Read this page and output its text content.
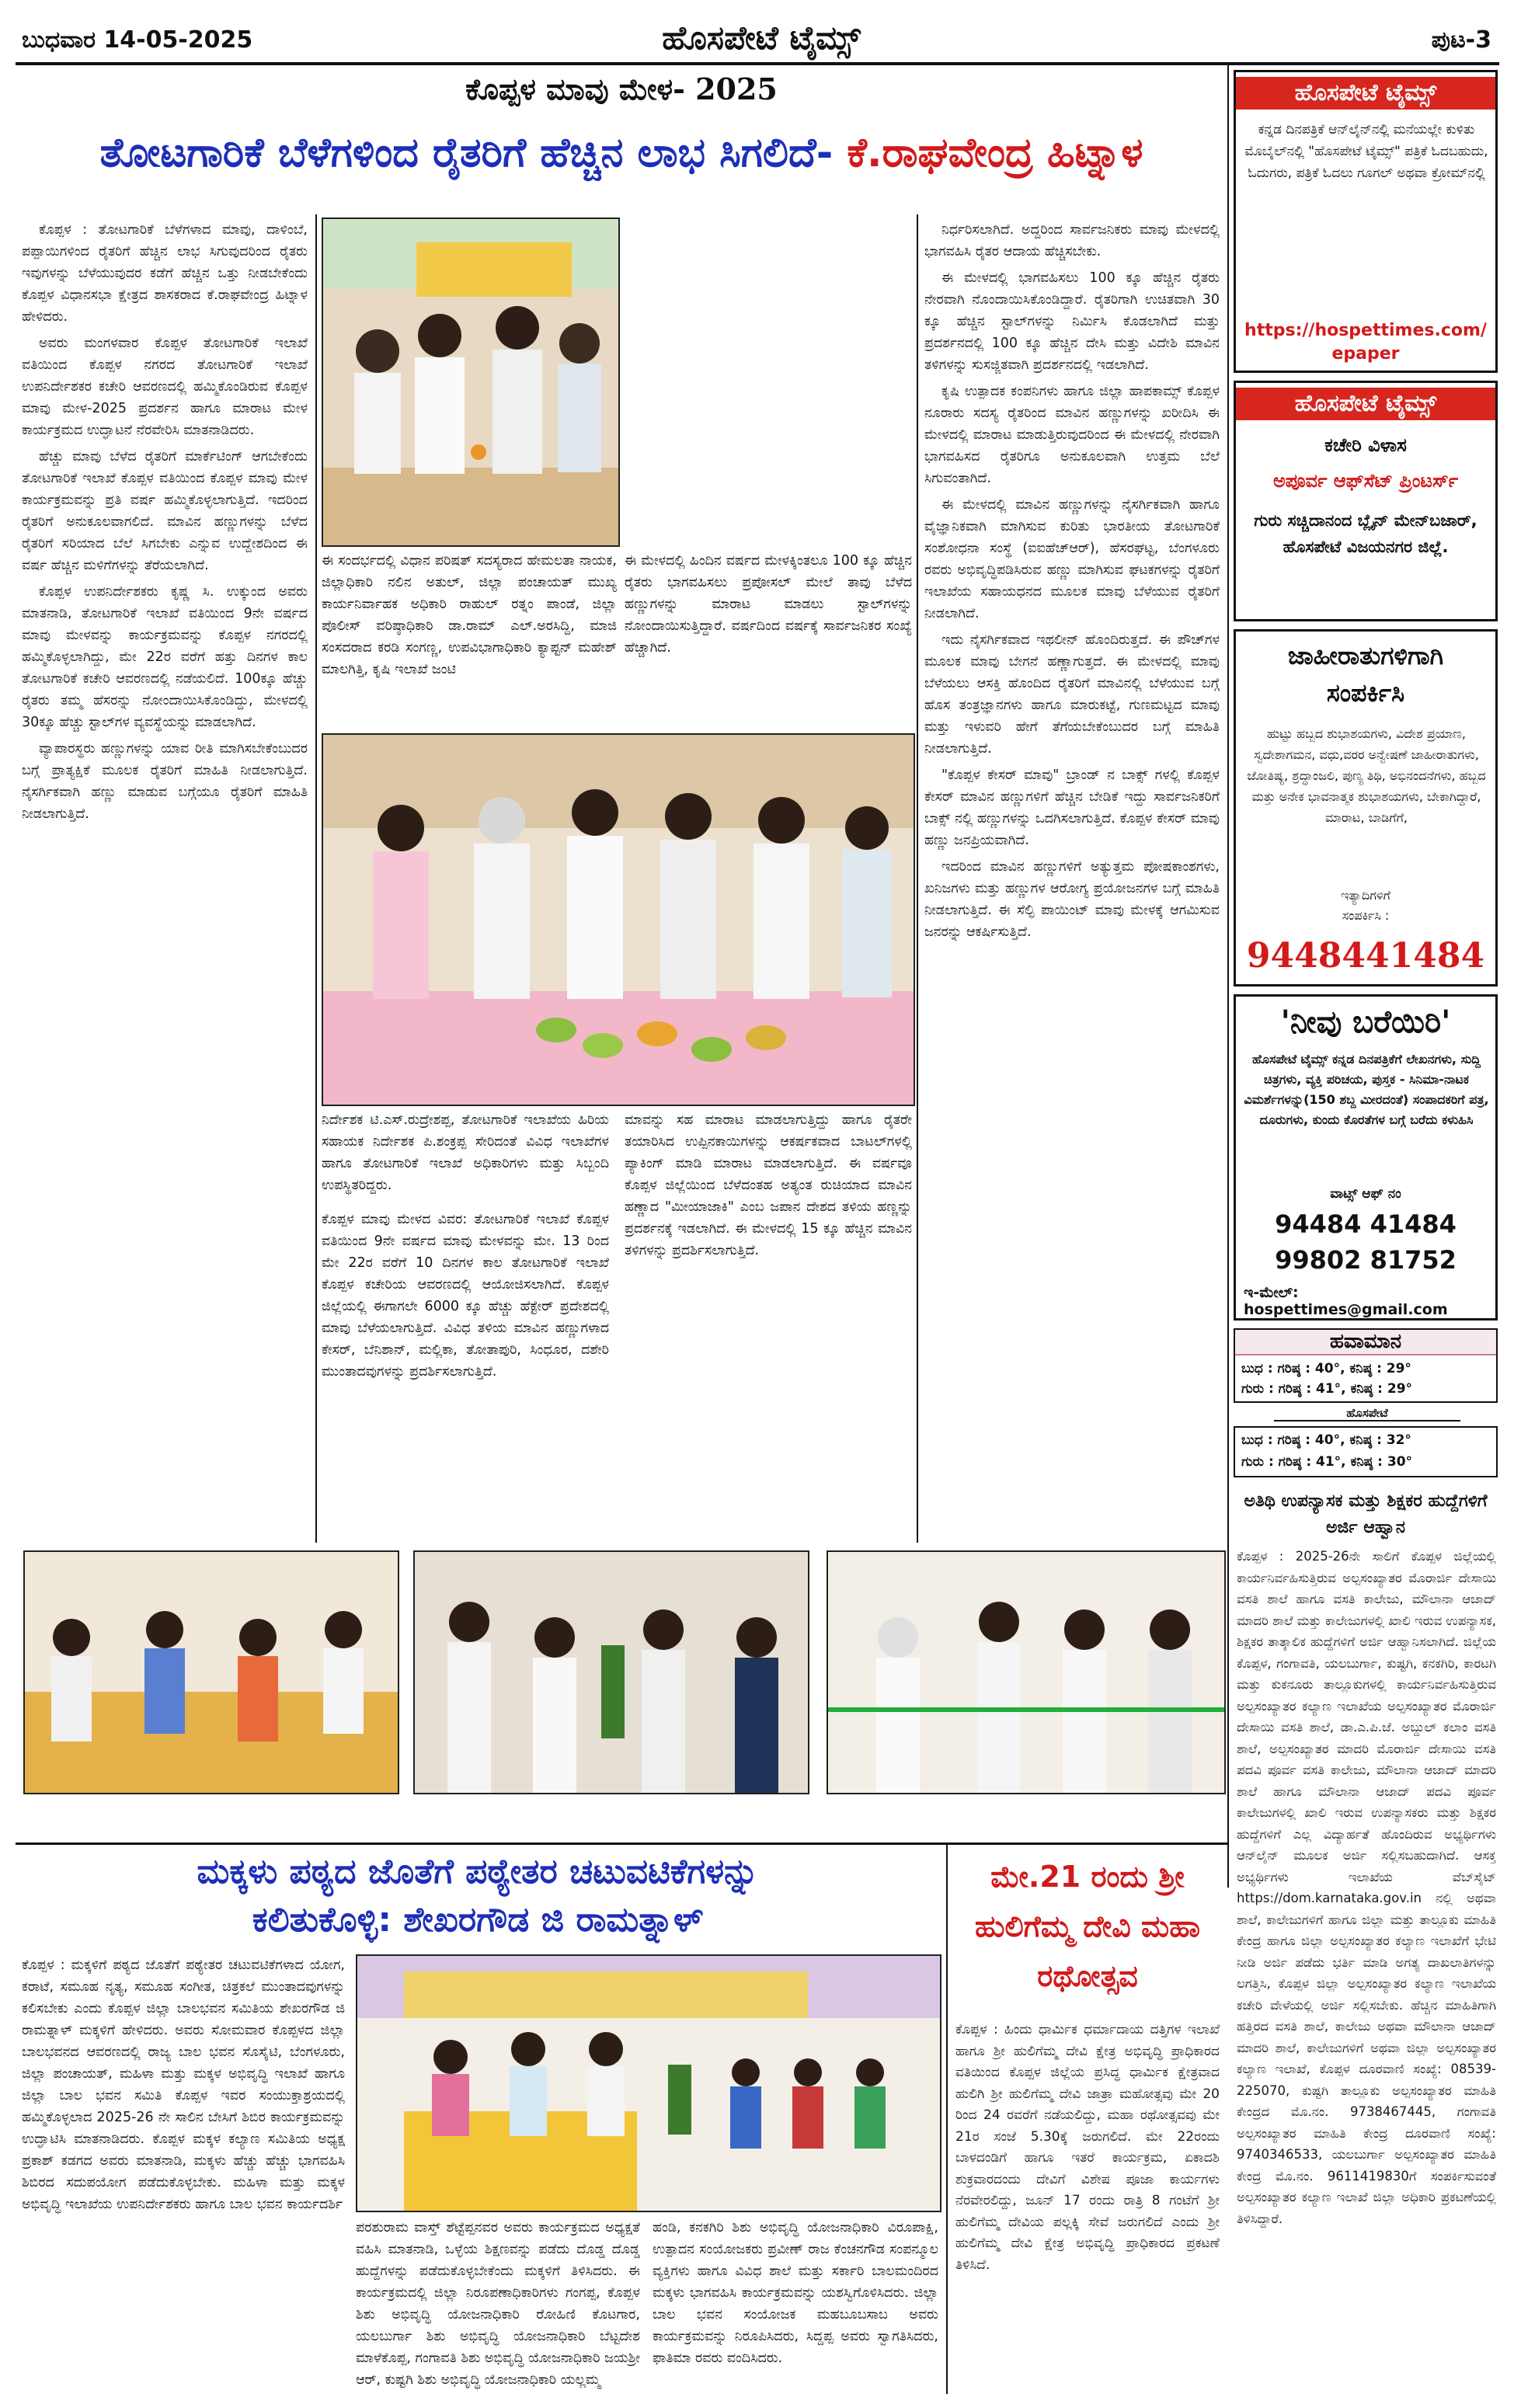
ಬುಧವಾರ 14-05-2025	ಹೊಸಪೇಟೆ ಟೈಮ್ಸ್	ಪುಟ-3
ಕೊಪ್ಪಳ ಮಾವು ಮೇಳ- 2025
ತೋಟಗಾರಿಕೆ ಬೆಳೆಗಳಿಂದ ರೈತರಿಗೆ ಹೆಚ್ಚಿನ ಲಾಭ ಸಿಗಲಿದೆ- ಕೆ.ರಾಘವೇಂದ್ರ ಹಿಟ್ನಾಳ

ಕೊಪ್ಪಳ : ತೋಟಗಾರಿಕೆ ಬೆಳೆಗಳಾದ ಮಾವು, ದಾಳಿಂಬೆ, ಪಪ್ಪಾಯಿಗಳಿಂದ ರೈತರಿಗೆ ಹೆಚ್ಚಿನ ಲಾಭ ಸಿಗುವುದರಿಂದ ರೈತರು ಇವುಗಳನ್ನು ಬೆಳೆಯುವುದರ ಕಡೆಗೆ ಹೆಚ್ಚಿನ ಒತ್ತು ನೀಡಬೇಕೆಂದು ಕೊಪ್ಪಳ ವಿಧಾನಸಭಾ ಕ್ಷೇತ್ರದ ಶಾಸಕರಾದ ಕೆ.ರಾಘವೇಂದ್ರ ಹಿಟ್ನಾಳ ಹೇಳಿದರು.

ಅವರು ಮಂಗಳವಾರ ಕೊಪ್ಪಳ ತೋಟಗಾರಿಕೆ ಇಲಾಖೆ ವತಿಯಿಂದ ಕೊಪ್ಪಳ ನಗರದ ತೋಟಗಾರಿಕೆ ಇಲಾಖೆ ಉಪನಿರ್ದೇಶಕರ ಕಚೇರಿ ಆವರಣದಲ್ಲಿ ಹಮ್ಮಿಕೊಂಡಿರುವ ಕೊಪ್ಪಳ ಮಾವು ಮೇಳ-2025 ಪ್ರದರ್ಶನ ಹಾಗೂ ಮಾರಾಟ ಮೇಳ ಕಾರ್ಯಕ್ರಮದ ಉದ್ಘಾಟನೆ ನೆರವೇರಿಸಿ ಮಾತನಾಡಿದರು.

ಹೆಚ್ಚು ಮಾವು ಬೆಳೆದ ರೈತರಿಗೆ ಮಾರ್ಕೆಟಿಂಗ್ ಆಗಬೇಕೆಂದು ತೋಟಗಾರಿಕೆ ಇಲಾಖೆ ಕೊಪ್ಪಳ ವತಿಯಿಂದ ಕೊಪ್ಪಳ ಮಾವು ಮೇಳ ಕಾರ್ಯಕ್ರಮವನ್ನು ಪ್ರತಿ ವರ್ಷ ಹಮ್ಮಿಕೊಳ್ಳಲಾಗುತ್ತಿದೆ. ಇದರಿಂದ ರೈತರಿಗೆ ಅನುಕೂಲವಾಗಲಿದೆ. ಮಾವಿನ ಹಣ್ಣುಗಳನ್ನು ಬೆಳೆದ ರೈತರಿಗೆ ಸರಿಯಾದ ಬೆಲೆ ಸಿಗಬೇಕು ಎನ್ನುವ ಉದ್ದೇಶದಿಂದ ಈ ವರ್ಷ ಹೆಚ್ಚಿನ ಮಳಿಗೆಗಳನ್ನು ತೆರೆಯಲಾಗಿದೆ.

ಕೊಪ್ಪಳ ಉಪನಿರ್ದೇಶಕರು ಕೃಷ್ಣ ಸಿ. ಉಕ್ಕುಂದ ಅವರು ಮಾತನಾಡಿ, ತೋಟಗಾರಿಕೆ ಇಲಾಖೆ ವತಿಯಿಂದ 9ನೇ ವರ್ಷದ ಮಾವು ಮೇಳವನ್ನು ಕಾರ್ಯಕ್ರಮವನ್ನು ಕೊಪ್ಪಳ ನಗರದಲ್ಲಿ ಹಮ್ಮಿಕೊಳ್ಳಲಾಗಿದ್ದು, ಮೇ 22ರ ವರೆಗೆ ಹತ್ತು ದಿನಗಳ ಕಾಲ ತೋಟಗಾರಿಕೆ ಕಚೇರಿ ಆವರಣದಲ್ಲಿ ನಡೆಯಲಿದೆ. 100ಕ್ಕೂ ಹೆಚ್ಚು ರೈತರು ತಮ್ಮ ಹೆಸರನ್ನು ನೋಂದಾಯಿಸಿಕೊಂಡಿದ್ದು, ಮೇಳದಲ್ಲಿ 30ಕ್ಕೂ ಹೆಚ್ಚು ಸ್ಟಾಲ್‌ಗಳ ವ್ಯವಸ್ಥೆಯನ್ನು ಮಾಡಲಾಗಿದೆ.

ವ್ಯಾಪಾರಸ್ಥರು ಹಣ್ಣುಗಳನ್ನು ಯಾವ ರೀತಿ ಮಾಗಿಸಬೇಕೆಂಬುದರ ಬಗ್ಗೆ ಪ್ರಾತ್ಯಕ್ಷಿಕೆ ಮೂಲಕ ರೈತರಿಗೆ ಮಾಹಿತಿ ನೀಡಲಾಗುತ್ತಿದೆ. ನೈಸರ್ಗಿಕವಾಗಿ ಹಣ್ಣು ಮಾಡುವ ಬಗ್ಗೆಯೂ ರೈತರಿಗೆ ಮಾಹಿತಿ ನೀಡಲಾಗುತ್ತಿದೆ.

ಈ ಸಂದರ್ಭದಲ್ಲಿ ವಿಧಾನ ಪರಿಷತ್ ಸದಸ್ಯರಾದ ಹೇಮಲತಾ ನಾಯಕ, ಜಿಲ್ಲಾಧಿಕಾರಿ ನಲಿನ ಅತುಲ್, ಜಿಲ್ಲಾ ಪಂಚಾಯತ್ ಮುಖ್ಯ ಕಾರ್ಯನಿರ್ವಾಹಕ ಅಧಿಕಾರಿ ರಾಹುಲ್ ರತ್ನಂ ಪಾಂಡೆ, ಜಿಲ್ಲಾ ಪೊಲೀಸ್ ವರಿಷ್ಠಾಧಿಕಾರಿ ಡಾ.ರಾಮ್ ಎಲ್.ಅರಸಿದ್ದಿ, ಮಾಜಿ ಸಂಸದರಾದ ಕರಡಿ ಸಂಗಣ್ಣ, ಉಪವಿಭಾಗಾಧಿಕಾರಿ ಕ್ಯಾಪ್ಟನ್ ಮಹೇಶ್ ಮಾಲಗಿತ್ತಿ, ಕೃಷಿ ಇಲಾಖೆ ಜಂಟಿ
ಈ ಮೇಳದಲ್ಲಿ ಹಿಂದಿನ ವರ್ಷದ ಮೇಳಕ್ಕಿಂತಲೂ 100 ಕ್ಕೂ ಹೆಚ್ಚಿನ ರೈತರು ಭಾಗವಹಿಸಲು ಪ್ರಪೋಸಲ್ ಮೇಲೆ ತಾವು ಬೆಳೆದ ಹಣ್ಣುಗಳನ್ನು ಮಾರಾಟ ಮಾಡಲು ಸ್ಟಾಲ್‌ಗಳನ್ನು ನೋಂದಾಯಿಸುತ್ತಿದ್ದಾರೆ. ವರ್ಷದಿಂದ ವರ್ಷಕ್ಕೆ ಸಾರ್ವಜನಿಕರ ಸಂಖ್ಯೆ ಹೆಚ್ಚಾಗಿದೆ.
ನಿರ್ದೇಶಕ ಟಿ.ಎಸ್.ರುದ್ರೇಶಪ್ಪ, ತೋಟಗಾರಿಕೆ ಇಲಾಖೆಯ ಹಿರಿಯ ಸಹಾಯಕ ನಿರ್ದೇಶಕ ಪಿ.ಶಂಕ್ರಪ್ಪ ಸೇರಿದಂತೆ ವಿವಿಧ ಇಲಾಖೆಗಳ ಹಾಗೂ ತೋಟಗಾರಿಕೆ ಇಲಾಖೆ ಅಧಿಕಾರಿಗಳು ಮತ್ತು ಸಿಬ್ಬಂದಿ ಉಪಸ್ಥಿತರಿದ್ದರು.
ಕೊಪ್ಪಳ ಮಾವು ಮೇಳದ ವಿವರ: ತೋಟಗಾರಿಕೆ ಇಲಾಖೆ ಕೊಪ್ಪಳ ವತಿಯಿಂದ 9ನೇ ವರ್ಷದ ಮಾವು ಮೇಳವನ್ನು ಮೇ. 13 ರಿಂದ ಮೇ 22ರ ವರೆಗೆ 10 ದಿನಗಳ ಕಾಲ ತೋಟಗಾರಿಕೆ ಇಲಾಖೆ ಕೊಪ್ಪಳ ಕಚೇರಿಯ ಆವರಣದಲ್ಲಿ ಆಯೋಜಿಸಲಾಗಿದೆ. ಕೊಪ್ಪಳ ಜಿಲ್ಲೆಯಲ್ಲಿ ಈಗಾಗಲೇ 6000 ಕ್ಕೂ ಹೆಚ್ಚು ಹೆಕ್ಟೇರ್ ಪ್ರದೇಶದಲ್ಲಿ ಮಾವು ಬೆಳೆಯಲಾಗುತ್ತಿದೆ. ವಿವಿಧ ತಳಿಯ ಮಾವಿನ ಹಣ್ಣುಗಳಾದ ಕೇಸರ್, ಬೆನಿಶಾನ್, ಮಲ್ಲಿಕಾ, ತೋತಾಪುರಿ, ಸಿಂಧೂರ, ದಶೇರಿ ಮುಂತಾದವುಗಳನ್ನು ಪ್ರದರ್ಶಿಸಲಾಗುತ್ತಿದೆ.
ಮಾವನ್ನು ಸಹ ಮಾರಾಟ ಮಾಡಲಾಗುತ್ತಿದ್ದು ಹಾಗೂ ರೈತರೇ ತಯಾರಿಸಿದ ಉಪ್ಪಿನಕಾಯಿಗಳನ್ನು ಆಕರ್ಷಕವಾದ ಬಾಟಲ್‌ಗಳಲ್ಲಿ ಪ್ಯಾಕಿಂಗ್ ಮಾಡಿ ಮಾರಾಟ ಮಾಡಲಾಗುತ್ತಿದೆ. ಈ ವರ್ಷವೂ ಕೊಪ್ಪಳ ಜಿಲ್ಲೆಯಿಂದ ಬೆಳೆದಂತಹ ಅತ್ಯಂತ ರುಚಿಯಾದ ಮಾವಿನ ಹಣ್ಣಾದ "ಮೀಯಾಜಾಕಿ" ಎಂಬ ಜಪಾನ ದೇಶದ ತಳಿಯ ಹಣ್ಣನ್ನು ಪ್ರದರ್ಶನಕ್ಕೆ ಇಡಲಾಗಿದೆ. ಈ ಮೇಳದಲ್ಲಿ 15 ಕ್ಕೂ ಹೆಚ್ಚಿನ ಮಾವಿನ ತಳಿಗಳನ್ನು ಪ್ರದರ್ಶಿಸಲಾಗುತ್ತಿದೆ.

ನಿರ್ಧರಿಸಲಾಗಿದೆ. ಅದ್ದರಿಂದ ಸಾರ್ವಜನಿಕರು ಮಾವು ಮೇಳದಲ್ಲಿ ಭಾಗವಹಿಸಿ ರೈತರ ಆದಾಯ ಹೆಚ್ಚಿಸಬೇಕು.

ಈ ಮೇಳದಲ್ಲಿ ಭಾಗವಹಿಸಲು 100 ಕ್ಕೂ ಹೆಚ್ಚಿನ ರೈತರು ನೇರವಾಗಿ ನೊಂದಾಯಿಸಿಕೊಂಡಿದ್ದಾರೆ. ರೈತರಿಗಾಗಿ ಉಚಿತವಾಗಿ 30 ಕ್ಕೂ ಹೆಚ್ಚಿನ ಸ್ಟಾಲ್‌ಗಳನ್ನು ನಿರ್ಮಿಸಿ ಕೊಡಲಾಗಿದೆ ಮತ್ತು ಪ್ರದರ್ಶನದಲ್ಲಿ 100 ಕ್ಕೂ ಹೆಚ್ಚಿನ ದೇಸಿ ಮತ್ತು ವಿದೇಶಿ ಮಾವಿನ ತಳಿಗಳನ್ನು ಸುಸಜ್ಜಿತವಾಗಿ ಪ್ರದರ್ಶನದಲ್ಲಿ ಇಡಲಾಗಿದೆ.

ಕೃಷಿ ಉತ್ಪಾದಕ ಕಂಪನಿಗಳು ಹಾಗೂ ಜಿಲ್ಲಾ ಹಾಪಕಾಮ್ಸ್ ಕೊಪ್ಪಳ ನೂರಾರು ಸದಸ್ಯ ರೈತರಿಂದ ಮಾವಿನ ಹಣ್ಣುಗಳನ್ನು ಖರೀದಿಸಿ ಈ ಮೇಳದಲ್ಲಿ ಮಾರಾಟ ಮಾಡುತ್ತಿರುವುದರಿಂದ ಈ ಮೇಳದಲ್ಲಿ ನೇರವಾಗಿ ಭಾಗವಹಿಸದ ರೈತರಿಗೂ ಅನುಕೂಲವಾಗಿ ಉತ್ತಮ ಬೆಲೆ ಸಿಗುವಂತಾಗಿದೆ.

ಈ ಮೇಳದಲ್ಲಿ ಮಾವಿನ ಹಣ್ಣುಗಳನ್ನು ನೈಸರ್ಗಿಕವಾಗಿ ಹಾಗೂ ವೈಜ್ಞಾನಿಕವಾಗಿ ಮಾಗಿಸುವ ಕುರಿತು ಭಾರತೀಯ ತೋಟಗಾರಿಕೆ ಸಂಶೋಧನಾ ಸಂಸ್ಥೆ (ಐಐಹೆಚ್‌ಆರ್), ಹೆಸರಘಟ್ಟ, ಬೆಂಗಳೂರು ರವರು ಅಭಿವೃದ್ಧಿಪಡಿಸಿರುವ ಹಣ್ಣು ಮಾಗಿಸುವ ಘಟಕಗಳನ್ನು ರೈತರಿಗೆ ಇಲಾಖೆಯ ಸಹಾಯಧನದ ಮೂಲಕ ಮಾವು ಬೆಳೆಯುವ ರೈತರಿಗೆ ನೀಡಲಾಗಿದೆ.

ಇದು ನೈಸರ್ಗಿಕವಾದ ಇಥಲೀನ್ ಹೊಂದಿರುತ್ತದೆ. ಈ ಪೌಚ್‌ಗಳ ಮೂಲಕ ಮಾವು ಬೇಗನೆ ಹಣ್ಣಾಗುತ್ತದೆ. ಈ ಮೇಳದಲ್ಲಿ ಮಾವು ಬೆಳೆಯಲು ಆಸಕ್ತಿ ಹೊಂದಿದ ರೈತರಿಗೆ ಮಾವಿನಲ್ಲಿ ಬೆಳೆಯುವ ಬಗ್ಗೆ ಹೊಸ ತಂತ್ರಜ್ಞಾನಗಳು ಹಾಗೂ ಮಾರುಕಟ್ಟೆ, ಗುಣಮಟ್ಟದ ಮಾವು ಮತ್ತು ಇಳುವರಿ ಹೇಗೆ ತೆಗೆಯಬೇಕೆಂಬುದರ ಬಗ್ಗೆ ಮಾಹಿತಿ ನೀಡಲಾಗುತ್ತಿದೆ.

"ಕೊಪ್ಪಳ ಕೇಸರ್ ಮಾವು" ಬ್ರಾಂಡ್ ನ ಬಾಕ್ಸ್ ಗಳಲ್ಲಿ ಕೊಪ್ಪಳ ಕೇಸರ್ ಮಾವಿನ ಹಣ್ಣುಗಳಿಗೆ ಹೆಚ್ಚಿನ ಬೇಡಿಕೆ ಇದ್ದು ಸಾರ್ವಜನಿಕರಿಗೆ ಬಾಕ್ಸ್ ನಲ್ಲಿ ಹಣ್ಣುಗಳನ್ನು ಒದಗಿಸಲಾಗುತ್ತಿದೆ. ಕೊಪ್ಪಳ ಕೇಸರ್ ಮಾವು ಹಣ್ಣು ಜನಪ್ರಿಯವಾಗಿದೆ.

ಇದರಿಂದ ಮಾವಿನ ಹಣ್ಣುಗಳಿಗೆ ಅತ್ಯುತ್ತಮ ಪೋಷಕಾಂಶಗಳು, ಖನಿಜಗಳು ಮತ್ತು ಹಣ್ಣುಗಳ ಆರೋಗ್ಯ ಪ್ರಯೋಜನಗಳ ಬಗ್ಗೆ ಮಾಹಿತಿ ನೀಡಲಾಗುತ್ತಿದೆ. ಈ ಸೆಲ್ಫಿ ಪಾಯಿಂಟ್ ಮಾವು ಮೇಳಕ್ಕೆ ಆಗಮಿಸುವ ಜನರನ್ನು ಆಕರ್ಷಿಸುತ್ತಿದೆ.

ಹೊಸಪೇಟೆ ಟೈಮ್ಸ್
ಕನ್ನಡ ದಿನಪತ್ರಿಕೆ ಆನ್‌ಲೈನ್‌ನಲ್ಲಿ ಮನೆಯಲ್ಲೇ ಕುಳಿತು ಮೊಬೈಲ್‌ನಲ್ಲಿ "ಹೊಸಪೇಟೆ ಟೈಮ್ಸ್" ಪತ್ರಿಕೆ ಓದಬಹುದು, ಓದುಗರು, ಪತ್ರಿಕೆ ಓದಲು ಗೂಗಲ್ ಅಥವಾ ಕ್ರೋಮ್‌ನಲ್ಲಿ
https://hospettimes.com/
epaper
ಹೊಸಪೇಟೆ ಟೈಮ್ಸ್
ಕಚೇರಿ ವಿಳಾಸ
ಅಪೂರ್ವ ಆಫ್‌ಸೆಟ್ ಪ್ರಿಂಟರ್ಸ್
ಗುರು ಸಚ್ಚಿದಾನಂದ ಬ್ಲೈನ್ ಮೇನ್‌ಬಜಾರ್, ಹೊಸಪೇಟೆ ವಿಜಯನಗರ ಜಿಲ್ಲೆ.
ಜಾಹೀರಾತುಗಳಿಗಾಗಿ
ಸಂಪರ್ಕಿಸಿ
ಹುಟ್ಟು ಹಬ್ಬದ ಶುಭಾಶಯಗಳು, ವಿದೇಶ ಪ್ರಯಾಣ, ಸ್ವದೇಶಾಗಮನ, ವಧು,ವರರ ಅನ್ವೇಷಣೆ ಜಾಹೀರಾತುಗಳು, ಜೋತಿಷ್ಯ, ಶ್ರದ್ಧಾಂಜಲಿ, ಪುಣ್ಯ ತಿಥಿ, ಅಭಿನಂದನೆಗಳು, ಹಬ್ಬದ ಮತ್ತು ಅನೇಕ ಭಾವನಾತ್ಮಕ ಶುಭಾಶಯಗಳು, ಬೇಕಾಗಿದ್ದಾರೆ, ಮಾರಾಟ, ಬಾಡಿಗೆಗೆ,
ಇತ್ಯಾದಿಗಳಿಗೆ
ಸಂಪರ್ಕಿಸಿ :
9448441484
'ನೀವು ಬರೆಯಿರಿ'
ಹೊಸಪೇಟೆ ಟೈಮ್ಸ್ ಕನ್ನಡ ದಿನಪತ್ರಿಕೆಗೆ ಲೇಖನಗಳು, ಸುದ್ದಿ ಚಿತ್ರಗಳು, ವ್ಯಕ್ತಿ ಪರಿಚಯ, ಪುಸ್ತಕ - ಸಿನಿಮಾ-ನಾಟಕ ವಿಮರ್ಶೆಗಳನ್ನು(150 ಶಬ್ದ ಮೀರದಂತೆ) ಸಂಪಾದಕರಿಗೆ ಪತ್ರ, ದೂರುಗಳು, ಕುಂದು ಕೊರತೆಗಳ ಬಗ್ಗೆ ಬರೆದು ಕಳುಹಿಸಿ
ವಾಟ್ಸ್ ಆಫ್ ನಂ
94484 41484
99802 81752
ಇ-ಮೇಲ್: hospettimes@gmail.com
ಹವಾಮಾನ
ಬುಧ : ಗರಿಷ್ಠ : 40°, ಕನಿಷ್ಠ : 29°
ಗುರು : ಗರಿಷ್ಠ : 41°, ಕನಿಷ್ಠ : 29°
ಹೊಸಪೇಟೆ
ಬುಧ : ಗರಿಷ್ಠ : 40°, ಕನಿಷ್ಠ : 32°
ಗುರು : ಗರಿಷ್ಠ : 41°, ಕನಿಷ್ಠ : 30°
ಅತಿಥಿ ಉಪನ್ಯಾಸಕ ಮತ್ತು ಶಿಕ್ಷಕರ ಹುದ್ದೆಗಳಿಗೆ ಅರ್ಜಿ ಆಹ್ವಾನ
ಕೊಪ್ಪಳ : 2025-26ನೇ ಸಾಲಿಗೆ ಕೊಪ್ಪಳ ಜಿಲ್ಲೆಯಲ್ಲಿ ಕಾರ್ಯನಿರ್ವಹಿಸುತ್ತಿರುವ ಅಲ್ಪಸಂಖ್ಯಾತರ ಮೊರಾರ್ಜಿ ದೇಸಾಯಿ ವಸತಿ ಶಾಲೆ ಹಾಗೂ ವಸತಿ ಕಾಲೇಜು, ಮೌಲಾನಾ ಆಜಾದ್ ಮಾದರಿ ಶಾಲೆ ಮತ್ತು ಕಾಲೇಜುಗಳಲ್ಲಿ ಖಾಲಿ ಇರುವ ಉಪನ್ಯಾಸಕ, ಶಿಕ್ಷಕರ ತಾತ್ಕಾಲಿಕ ಹುದ್ದೆಗಳಿಗೆ ಅರ್ಜಿ ಆಹ್ವಾನಿಸಲಾಗಿದೆ. ಜಿಲ್ಲೆಯ ಕೊಪ್ಪಳ, ಗಂಗಾವತಿ, ಯಲಬುರ್ಗಾ, ಕುಷ್ಟಗಿ, ಕನಕಗಿರಿ, ಕಾರಟಗಿ ಮತ್ತು ಕುಕನೂರು ತಾಲ್ಲೂಕುಗಳಲ್ಲಿ ಕಾರ್ಯನಿರ್ವಹಿಸುತ್ತಿರುವ ಅಲ್ಪಸಂಖ್ಯಾತರ ಕಲ್ಯಾಣ ಇಲಾಖೆಯ ಅಲ್ಪಸಂಖ್ಯಾತರ ಮೊರಾರ್ಜಿ ದೇಸಾಯಿ ವಸತಿ ಶಾಲೆ, ಡಾ.ಎ.ಪಿ.ಜೆ. ಅಬ್ದುಲ್ ಕಲಾಂ ವಸತಿ ಶಾಲೆ, ಅಲ್ಪಸಂಖ್ಯಾತರ ಮಾದರಿ ಮೊರಾರ್ಜಿ ದೇಸಾಯಿ ವಸತಿ ಪದವಿ ಪೂರ್ವ ವಸತಿ ಕಾಲೇಜು, ಮೌಲಾನಾ ಆಜಾದ್ ಮಾದರಿ ಶಾಲೆ ಹಾಗೂ ಮೌಲಾನಾ ಆಜಾದ್ ಪದವಿ ಪೂರ್ವ ಕಾಲೇಜುಗಳಲ್ಲಿ ಖಾಲಿ ಇರುವ ಉಪನ್ಯಾಸಕರು ಮತ್ತು ಶಿಕ್ಷಕರ ಹುದ್ದೆಗಳಿಗೆ ಎಲ್ಲ ವಿದ್ಯಾರ್ಹತೆ ಹೊಂದಿರುವ ಅಭ್ಯರ್ಥಿಗಳು ಆನ್‌ಲೈನ್ ಮೂಲಕ ಅರ್ಜಿ ಸಲ್ಲಿಸಬಹುದಾಗಿದೆ. ಆಸಕ್ತ ಅಭ್ಯರ್ಥಿಗಳು ಇಲಾಖೆಯ ವೆಬ್‌ಸೈಟ್ https://dom.karnataka.gov.in ನಲ್ಲಿ ಅಥವಾ ಶಾಲೆ, ಕಾಲೇಜುಗಳಿಗೆ ಹಾಗೂ ಜಿಲ್ಲಾ ಮತ್ತು ತಾಲ್ಲೂಕು ಮಾಹಿತಿ ಕೇಂದ್ರ ಹಾಗೂ ಜಿಲ್ಲಾ ಅಲ್ಪಸಂಖ್ಯಾತರ ಕಲ್ಯಾಣ ಇಲಾಖೆಗೆ ಭೇಟಿ ನೀಡಿ ಅರ್ಜಿ ಪಡೆದು ಭರ್ತಿ ಮಾಡಿ ಅಗತ್ಯ ದಾಖಲಾತಿಗಳನ್ನು ಲಗತ್ತಿಸಿ, ಕೊಪ್ಪಳ ಜಿಲ್ಲಾ ಅಲ್ಪಸಂಖ್ಯಾತರ ಕಲ್ಯಾಣ ಇಲಾಖೆಯ ಕಚೇರಿ ವೇಳೆಯಲ್ಲಿ ಅರ್ಜಿ ಸಲ್ಲಿಸಬೇಕು. ಹೆಚ್ಚಿನ ಮಾಹಿತಿಗಾಗಿ ಹತ್ತಿರದ ವಸತಿ ಶಾಲೆ, ಕಾಲೇಜು ಅಥವಾ ಮೌಲಾನಾ ಆಜಾದ್ ಮಾದರಿ ಶಾಲೆ, ಕಾಲೇಜುಗಳಿಗೆ ಅಥವಾ ಜಿಲ್ಲಾ ಅಲ್ಪಸಂಖ್ಯಾತರ ಕಲ್ಯಾಣ ಇಲಾಖೆ, ಕೊಪ್ಪಳ ದೂರವಾಣಿ ಸಂಖ್ಯೆ: 08539-225070, ಕುಷ್ಟಗಿ ತಾಲ್ಲೂಕು ಅಲ್ಪಸಂಖ್ಯಾತರ ಮಾಹಿತಿ ಕೇಂದ್ರದ ಮೊ.ನಂ. 9738467445, ಗಂಗಾವತಿ ಅಲ್ಪಸಂಖ್ಯಾತರ ಮಾಹಿತಿ ಕೇಂದ್ರ ದೂರವಾಣಿ ಸಂಖ್ಯೆ: 9740346533, ಯಲಬುರ್ಗಾ ಅಲ್ಪಸಂಖ್ಯಾತರ ಮಾಹಿತಿ ಕೇಂದ್ರ ಮೊ.ನಂ. 9611419830ಗೆ ಸಂಪರ್ಕಿಸುವಂತೆ ಅಲ್ಪಸಂಖ್ಯಾತರ ಕಲ್ಯಾಣ ಇಲಾಖೆ ಜಿಲ್ಲಾ ಅಧಿಕಾರಿ ಪ್ರಕಟಣೆಯಲ್ಲಿ ತಿಳಿಸಿದ್ದಾರೆ.
ಮಕ್ಕಳು ಪಠ್ಯದ ಜೊತೆಗೆ ಪಠ್ಯೇತರ ಚಟುವಟಿಕೆಗಳನ್ನು
ಕಲಿತುಕೊಳ್ಳಿ: ಶೇಖರಗೌಡ ಜಿ ರಾಮತ್ನಾಳ್
ಕೊಪ್ಪಳ : ಮಕ್ಕಳಿಗೆ ಪಠ್ಯದ ಜೊತೆಗೆ ಪಠ್ಯೇತರ ಚಟುವಟಿಕೆಗಳಾದ ಯೋಗ, ಕರಾಟೆ, ಸಮೂಹ ನೃತ್ಯ, ಸಮೂಹ ಸಂಗೀತ, ಚಿತ್ರಕಲೆ ಮುಂತಾದವುಗಳನ್ನು ಕಲಿಸಬೇಕು ಎಂದು ಕೊಪ್ಪಳ ಜಿಲ್ಲಾ ಬಾಲಭವನ ಸಮಿತಿಯ ಶೇಖರಗೌಡ ಜಿ ರಾಮತ್ನಾಳ್ ಮಕ್ಕಳಿಗೆ ಹೇಳಿದರು. ಅವರು ಸೋಮವಾರ ಕೊಪ್ಪಳದ ಜಿಲ್ಲಾ ಬಾಲಭವನದ ಆವರಣದಲ್ಲಿ ರಾಜ್ಯ ಬಾಲ ಭವನ ಸೊಸೈಟಿ, ಬೆಂಗಳೂರು, ಜಿಲ್ಲಾ ಪಂಚಾಯತ್, ಮಹಿಳಾ ಮತ್ತು ಮಕ್ಕಳ ಅಭಿವೃದ್ಧಿ ಇಲಾಖೆ ಹಾಗೂ ಜಿಲ್ಲಾ ಬಾಲ ಭವನ ಸಮಿತಿ ಕೊಪ್ಪಳ ಇವರ ಸಂಯುಕ್ತಾಶ್ರಯದಲ್ಲಿ ಹಮ್ಮಿಕೊಳ್ಳಲಾದ 2025-26 ನೇ ಸಾಲಿನ ಬೇಸಿಗೆ ಶಿಬಿರ ಕಾರ್ಯಕ್ರಮವನ್ನು ಉದ್ಘಾಟಿಸಿ ಮಾತನಾಡಿದರು. ಕೊಪ್ಪಳ ಮಕ್ಕಳ ಕಲ್ಯಾಣ ಸಮಿತಿಯ ಅಧ್ಯಕ್ಷ ಪ್ರಕಾಶ್ ಕಡಗದ ಅವರು ಮಾತನಾಡಿ, ಮಕ್ಕಳು ಹೆಚ್ಚು ಹೆಚ್ಚು ಭಾಗವಹಿಸಿ ಶಿಬಿರದ ಸದುಪಯೋಗ ಪಡೆದುಕೊಳ್ಳಬೇಕು. ಮಹಿಳಾ ಮತ್ತು ಮಕ್ಕಳ ಅಭಿವೃದ್ಧಿ ಇಲಾಖೆಯ ಉಪನಿರ್ದೇಶಕರು ಹಾಗೂ ಬಾಲ ಭವನ ಕಾರ್ಯದರ್ಶಿ
ಪರಶುರಾಮ ವಾಸ್ತ್ ಶೆಟ್ಟೆಪ್ಪನವರ ಅವರು ಕಾರ್ಯಕ್ರಮದ ಅಧ್ಯಕ್ಷತೆ ವಹಿಸಿ ಮಾತನಾಡಿ, ಒಳ್ಳೆಯ ಶಿಕ್ಷಣವನ್ನು ಪಡೆದು ದೊಡ್ಡ ದೊಡ್ಡ ಹುದ್ದೆಗಳನ್ನು ಪಡೆದುಕೊಳ್ಳಬೇಕೆಂದು ಮಕ್ಕಳಿಗೆ ತಿಳಿಸಿದರು. ಈ ಕಾರ್ಯಕ್ರಮದಲ್ಲಿ ಜಿಲ್ಲಾ ನಿರೂಪಣಾಧಿಕಾರಿಗಳು ಗಂಗಪ್ಪ, ಕೊಪ್ಪಳ ಶಿಶು ಅಭಿವೃದ್ಧಿ ಯೋಜನಾಧಿಕಾರಿ ರೋಹಿಣಿ ಕೊಟಗಾರ, ಯಲಬುರ್ಗಾ ಶಿಶು ಅಭಿವೃದ್ಧಿ ಯೋಜನಾಧಿಕಾರಿ ಬೆಟ್ಟದೇಶ ಮಾಳೆಕೊಪ್ಪ, ಗಂಗಾವತಿ ಶಿಶು ಅಭಿವೃದ್ಧಿ ಯೋಜನಾಧಿಕಾರಿ ಜಯಶ್ರೀ ಆರ್, ಕುಷ್ಟಗಿ ಶಿಶು ಅಭಿವೃದ್ಧಿ ಯೋಜನಾಧಿಕಾರಿ ಯಲ್ಲಮ್ಮ
ಹಂಡಿ, ಕನಕಗಿರಿ ಶಿಶು ಅಭಿವೃದ್ಧಿ ಯೋಜನಾಧಿಕಾರಿ ವಿರೂಪಾಕ್ಷಿ, ಉತ್ಪಾದನ ಸಂಯೋಜಕರು ಪ್ರವೀಣ್ ರಾಜ ಕೆಂಚನಗೌಡ ಸಂಪನ್ಮೂಲ ವ್ಯಕ್ತಿಗಳು ಹಾಗೂ ವಿವಿಧ ಶಾಲೆ ಮತ್ತು ಸರ್ಕಾರಿ ಬಾಲಮಂದಿರದ ಮಕ್ಕಳು ಭಾಗವಹಿಸಿ ಕಾರ್ಯಕ್ರಮವನ್ನು ಯಶಸ್ವಿಗೊಳಿಸಿದರು. ಜಿಲ್ಲಾ ಬಾಲ ಭವನ ಸಂಯೋಜಕ ಮಹಬೂಬಸಾಬ ಅವರು ಕಾರ್ಯಕ್ರಮವನ್ನು ನಿರೂಪಿಸಿದರು, ಸಿದ್ದಪ್ಪ ಅವರು ಸ್ವಾಗತಿಸಿದರು, ಫಾತಿಮಾ ರವರು ವಂದಿಸಿದರು.
ಮೇ.21 ರಂದು ಶ್ರೀ ಹುಲಿಗೆಮ್ಮ ದೇವಿ ಮಹಾ ರಥೋತ್ಸವ
ಕೊಪ್ಪಳ : ಹಿಂದು ಧಾರ್ಮಿಕ ಧರ್ಮಾದಾಯ ದತ್ತಿಗಳ ಇಲಾಖೆ ಹಾಗೂ ಶ್ರೀ ಹುಲಿಗೆಮ್ಮ ದೇವಿ ಕ್ಷೇತ್ರ ಅಭಿವೃದ್ಧಿ ಪ್ರಾಧಿಕಾರದ ವತಿಯಿಂದ ಕೊಪ್ಪಳ ಜಿಲ್ಲೆಯ ಪ್ರಸಿದ್ಧ ಧಾರ್ಮಿಕ ಕ್ಷೇತ್ರವಾದ ಹುಲಿಗಿ ಶ್ರೀ ಹುಲಿಗೆಮ್ಮ ದೇವಿ ಜಾತ್ರಾ ಮಹೋತ್ಸವು ಮೇ 20 ರಿಂದ 24 ರವರೆಗೆ ನಡೆಯಲಿದ್ದು, ಮಹಾ ರಥೋತ್ಸವವು ಮೇ 21ರ ಸಂಜೆ 5.30ಕ್ಕೆ ಜರುಗಲಿದೆ. ಮೇ 22ರಂದು ಬಾಳದಂಡಿಗೆ ಹಾಗೂ ಇತರೆ ಕಾರ್ಯಕ್ರಮ, ಏಕಾದಶಿ ಶುಕ್ರವಾರದಂದು ದೇವಿಗೆ ವಿಶೇಷ ಪೂಜಾ ಕಾರ್ಯಗಳು ನೆರವೇರಲಿದ್ದು, ಜೂನ್ 17 ರಂದು ರಾತ್ರಿ 8 ಗಂಟೆಗೆ ಶ್ರೀ ಹುಲಿಗೆಮ್ಮ ದೇವಿಯ ಪಲ್ಲಕ್ಕಿ ಸೇವೆ ಜರುಗಲಿದೆ ಎಂದು ಶ್ರೀ ಹುಲಿಗೆಮ್ಮ ದೇವಿ ಕ್ಷೇತ್ರ ಅಭಿವೃದ್ಧಿ ಪ್ರಾಧಿಕಾರದ ಪ್ರಕಟಣೆ ತಿಳಿಸಿದೆ.
